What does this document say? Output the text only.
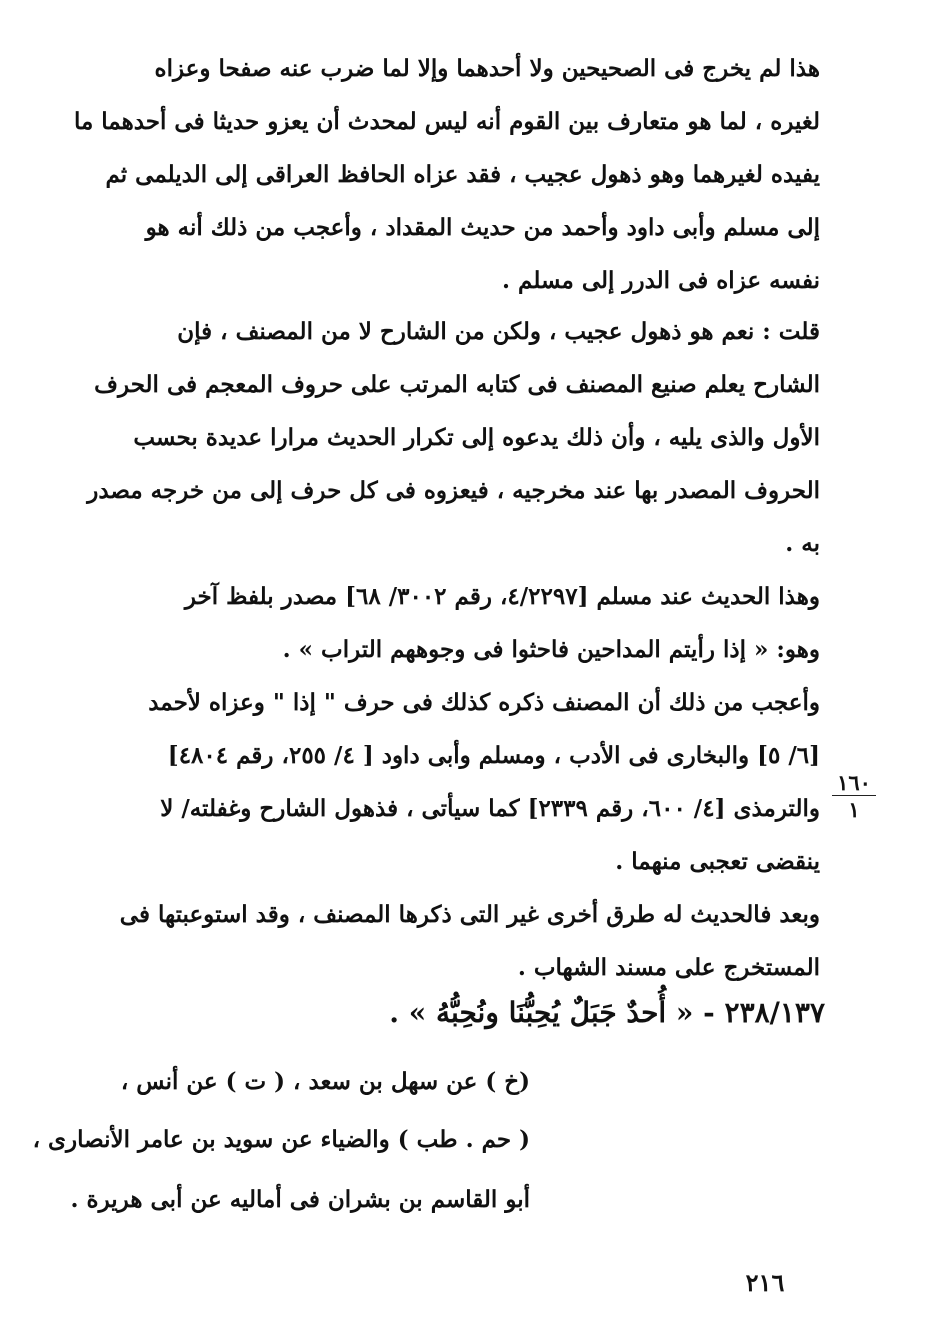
هذا لم يخرج فى الصحيحين ولا أحدهما وإلا لما ضرب عنه صفحا وعزاه
لغيره ، لما هو متعارف بين القوم أنه ليس لمحدث أن يعزو حديثا فى أحدهما ما
يفيده لغيرهما وهو ذهول عجيب ، فقد عزاه الحافظ العراقى إلى الديلمى ثم
إلى مسلم وأبى داود وأحمد من حديث المقداد ، وأعجب من ذلك أنه هو
نفسه عزاه فى الدرر إلى مسلم .
قلت : نعم هو ذهول عجيب ، ولكن من الشارح لا من المصنف ، فإن
الشارح يعلم صنيع المصنف فى كتابه المرتب على حروف المعجم فى الحرف
الأول والذى يليه ، وأن ذلك يدعوه إلى تكرار الحديث مرارا عديدة بحسب
الحروف المصدر بها عند مخرجيه ، فيعزوه فى كل حرف إلى من خرجه مصدر
به .
وهذا الحديث عند مسلم [٤/٢٢٩٧، رقم ٣٠٠٢/ ٦٨] مصدر بلفظ آخر
وهو: « إذا رأيتم المداحين فاحثوا فى وجوههم التراب » .
وأعجب من ذلك أن المصنف ذكره كذلك فى حرف " إذا " وعزاه لأحمد
[٦/ ٥] والبخارى فى الأدب ، ومسلم وأبى داود [ ٤/ ٢٥٥، رقم ٤٨٠٤]
والترمذى [٤/ ٦٠٠، رقم ٢٣٣٩] كما سيأتى ، فذهول الشارح وغفلته/ لا
ينقضى تعجبى منهما .
وبعد فالحديث له طرق أخرى غير التى ذكرها المصنف ، وقد استوعبتها فى
المستخرج على مسند الشهاب .
٢٣٨/١٣٧ - « أُحدٌ جَبَلٌ يُحِبُّنَا ونُحِبُّهُ » .
(خ ) عن سهل بن سعد ، ( ت ) عن أنس ،
( حم . طب ) والضياء عن سويد بن عامر الأنصارى ،
أبو القاسم بن بشران فى أماليه عن أبى هريرة .
١٦٠
١
٢١٦
